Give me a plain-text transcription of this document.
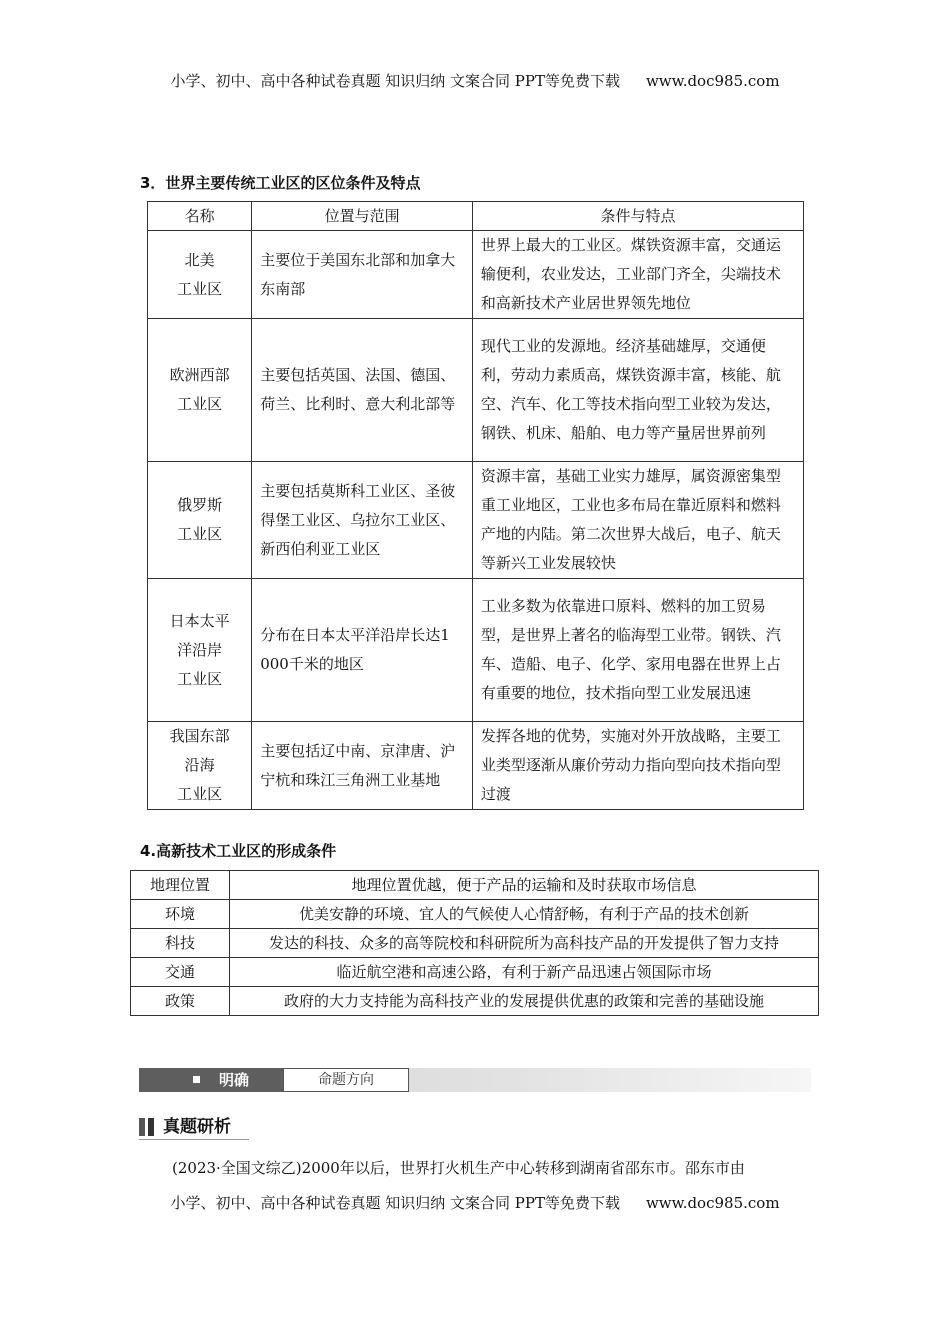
小学、初中、高中各种试卷真题 知识归纳 文案合同 PPT等免费下载 www.doc985.com
3．世界主要传统工业区的区位条件及特点
名称	位置与范围	条件与特点

北美
工业区	主要位于美国东北部和加拿大东南部	世界上最大的工业区。煤铁资源丰富，交通运输便利，农业发达，工业部门齐全，尖端技术和高新技术产业居世界领先地位

欧洲西部
工业区	主要包括英国、法国、德国、荷兰、比利时、意大利北部等	现代工业的发源地。经济基础雄厚，交通便利，劳动力素质高，煤铁资源丰富，核能、航空、汽车、化工等技术指向型工业较为发达，钢铁、机床、船舶、电力等产量居世界前列

俄罗斯
工业区	主要包括莫斯科工业区、圣彼得堡工业区、乌拉尔工业区、新西伯利亚工业区	资源丰富，基础工业实力雄厚，属资源密集型重工业地区，工业也多布局在靠近原料和燃料产地的内陆。第二次世界大战后，电子、航天等新兴工业发展较快

日本太平
洋沿岸
工业区	分布在日本太平洋沿岸长达1 000千米的地区	工业多数为依靠进口原料、燃料的加工贸易型，是世界上著名的临海型工业带。钢铁、汽车、造船、电子、化学、家用电器在世界上占有重要的地位，技术指向型工业发展迅速

我国东部
沿海
工业区	主要包括辽中南、京津唐、沪宁杭和珠江三角洲工业基地	发挥各地的优势，实施对外开放战略，主要工业类型逐渐从廉价劳动力指向型向技术指向型过渡
4.高新技术工业区的形成条件
地理位置	地理位置优越，便于产品的运输和及时获取市场信息
环境	优美安静的环境、宜人的气候使人心情舒畅，有利于产品的技术创新
科技	发达的科技、众多的高等院校和科研院所为高科技产品的开发提供了智力支持
交通	临近航空港和高速公路，有利于新产品迅速占领国际市场
政策	政府的大力支持能为高科技产业的发展提供优惠的政策和完善的基础设施
明确	命题方向
真题研析
(2023·全国文综乙)2000年以后，世界打火机生产中心转移到湖南省邵东市。邵东市由
小学、初中、高中各种试卷真题 知识归纳 文案合同 PPT等免费下载 www.doc985.com
